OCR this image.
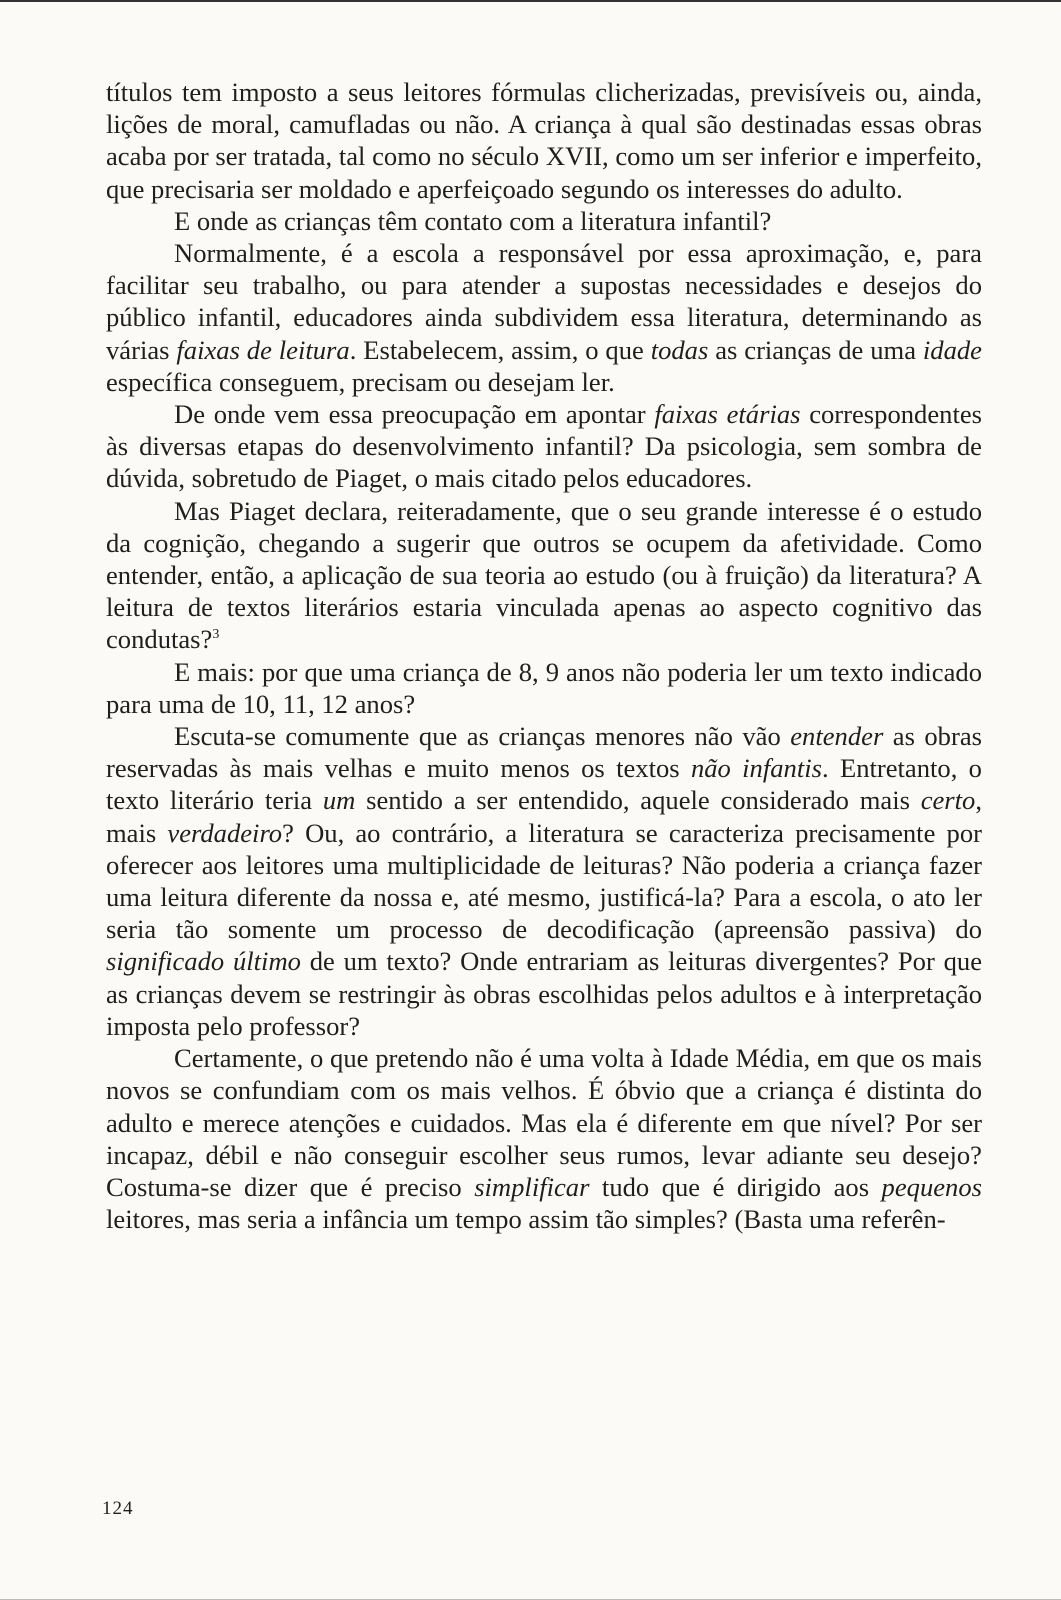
títulos tem imposto a seus leitores fórmulas clicherizadas, previsíveis ou, ainda, lições de moral, camufladas ou não. A criança à qual são destinadas essas obras acaba por ser tratada, tal como no século XVII, como um ser inferior e imperfeito, que precisaria ser moldado e aperfeiçoado segundo os interesses do adulto.

E onde as crianças têm contato com a literatura infantil?

Normalmente, é a escola a responsável por essa aproximação, e, para facilitar seu trabalho, ou para atender a supostas necessidades e desejos do público infantil, educadores ainda subdividem essa literatura, determinando as várias faixas de leitura. Estabelecem, assim, o que todas as crianças de uma idade específica conseguem, precisam ou desejam ler.

De onde vem essa preocupação em apontar faixas etárias correspondentes às diversas etapas do desenvolvimento infantil? Da psicologia, sem sombra de dúvida, sobretudo de Piaget, o mais citado pelos educadores.

Mas Piaget declara, reiteradamente, que o seu grande interesse é o estudo da cognição, chegando a sugerir que outros se ocupem da afetividade. Como entender, então, a aplicação de sua teoria ao estudo (ou à fruição) da literatura? A leitura de textos literários estaria vinculada apenas ao aspecto cognitivo das condutas?$^3$

E mais: por que uma criança de 8, 9 anos não poderia ler um texto indicado para uma de 10, 11, 12 anos?

Escuta-se comumente que as crianças menores não vão entender as obras reservadas às mais velhas e muito menos os textos não infantis. Entretanto, o texto literário teria um sentido a ser entendido, aquele considerado mais certo, mais verdadeiro? Ou, ao contrário, a literatura se caracteriza precisamente por oferecer aos leitores uma multiplicidade de leituras? Não poderia a criança fazer uma leitura diferente da nossa e, até mesmo, justificá-la? Para a escola, o ato ler seria tão somente um processo de decodificação (apreensão passiva) do significado último de um texto? Onde entrariam as leituras divergentes? Por que as crianças devem se restringir às obras escolhidas pelos adultos e à interpretação imposta pelo professor?

Certamente, o que pretendo não é uma volta à Idade Média, em que os mais novos se confundiam com os mais velhos. É óbvio que a criança é distinta do adulto e merece atenções e cuidados. Mas ela é diferente em que nível? Por ser incapaz, débil e não conseguir escolher seus rumos, levar adiante seu desejo? Costuma-se dizer que é preciso simplificar tudo que é dirigido aos pequenos leitores, mas seria a infância um tempo assim tão simples? (Basta uma referên-

124
